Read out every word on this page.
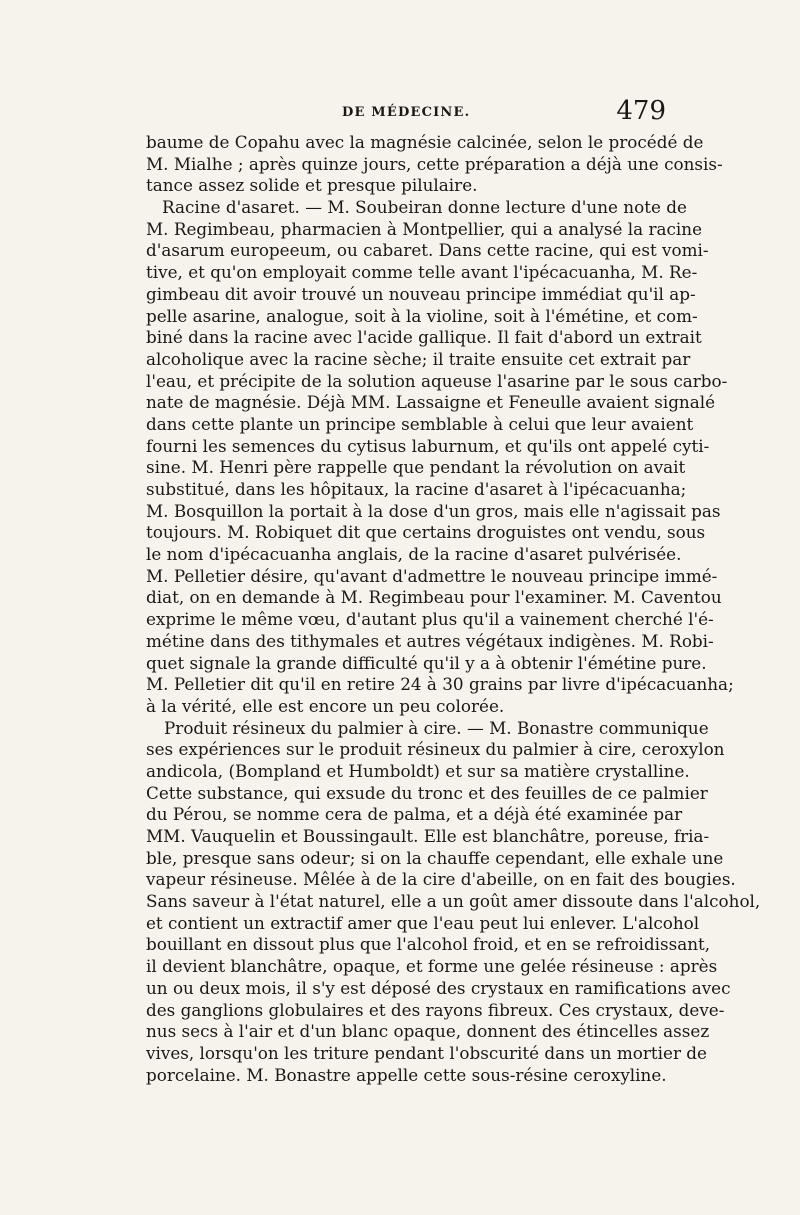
DE MÉDECINE.	479
baume de Copahu avec la magnésie calcinée, selon le procédé de
M. Mialhe ; après quinze jours, cette préparation a déjà une consis-
tance assez solide et presque pilulaire.
Racine d'asaret. — M. Soubeiran donne lecture d'une note de
M. Regimbeau, pharmacien à Montpellier, qui a analysé la racine
d'asarum europeeum, ou cabaret. Dans cette racine, qui est vomi-
tive, et qu'on employait comme telle avant l'ipécacuanha, M. Re-
gimbeau dit avoir trouvé un nouveau principe immédiat qu'il ap-
pelle asarine, analogue, soit à la violine, soit à l'émétine, et com-
biné dans la racine avec l'acide gallique. Il fait d'abord un extrait
alcoholique avec la racine sèche; il traite ensuite cet extrait par
l'eau, et précipite de la solution aqueuse l'asarine par le sous carbo-
nate de magnésie. Déjà MM. Lassaigne et Feneulle avaient signalé
dans cette plante un principe semblable à celui que leur avaient
fourni les semences du cytisus laburnum, et qu'ils ont appelé cyti-
sine. M. Henri père rappelle que pendant la révolution on avait
substitué, dans les hôpitaux, la racine d'asaret à l'ipécacuanha;
M. Bosquillon la portait à la dose d'un gros, mais elle n'agissait pas
toujours. M. Robiquet dit que certains droguistes ont vendu, sous
le nom d'ipécacuanha anglais, de la racine d'asaret pulvérisée.
M. Pelletier désire, qu'avant d'admettre le nouveau principe immé-
diat, on en demande à M. Regimbeau pour l'examiner. M. Caventou
exprime le même vœu, d'autant plus qu'il a vainement cherché l'é-
métine dans des tithymales et autres végétaux indigènes. M. Robi-
quet signale la grande difficulté qu'il y a à obtenir l'émétine pure.
M. Pelletier dit qu'il en retire 24 à 30 grains par livre d'ipécacuanha;
à la vérité, elle est encore un peu colorée.
Produit résineux du palmier à cire. — M. Bonastre communique
ses expériences sur le produit résineux du palmier à cire, ceroxylon
andicola, (Bompland et Humboldt) et sur sa matière crystalline.
Cette substance, qui exsude du tronc et des feuilles de ce palmier
du Pérou, se nomme cera de palma, et a déjà été examinée par
MM. Vauquelin et Boussingault. Elle est blanchâtre, poreuse, fria-
ble, presque sans odeur; si on la chauffe cependant, elle exhale une
vapeur résineuse. Mêlée à de la cire d'abeille, on en fait des bougies.
Sans saveur à l'état naturel, elle a un goût amer dissoute dans l'alcohol,
et contient un extractif amer que l'eau peut lui enlever. L'alcohol
bouillant en dissout plus que l'alcohol froid, et en se refroidissant,
il devient blanchâtre, opaque, et forme une gelée résineuse : après
un ou deux mois, il s'y est déposé des crystaux en ramifications avec
des ganglions globulaires et des rayons fibreux. Ces crystaux, deve-
nus secs à l'air et d'un blanc opaque, donnent des étincelles assez
vives, lorsqu'on les triture pendant l'obscurité dans un mortier de
porcelaine. M. Bonastre appelle cette sous-résine ceroxyline.
